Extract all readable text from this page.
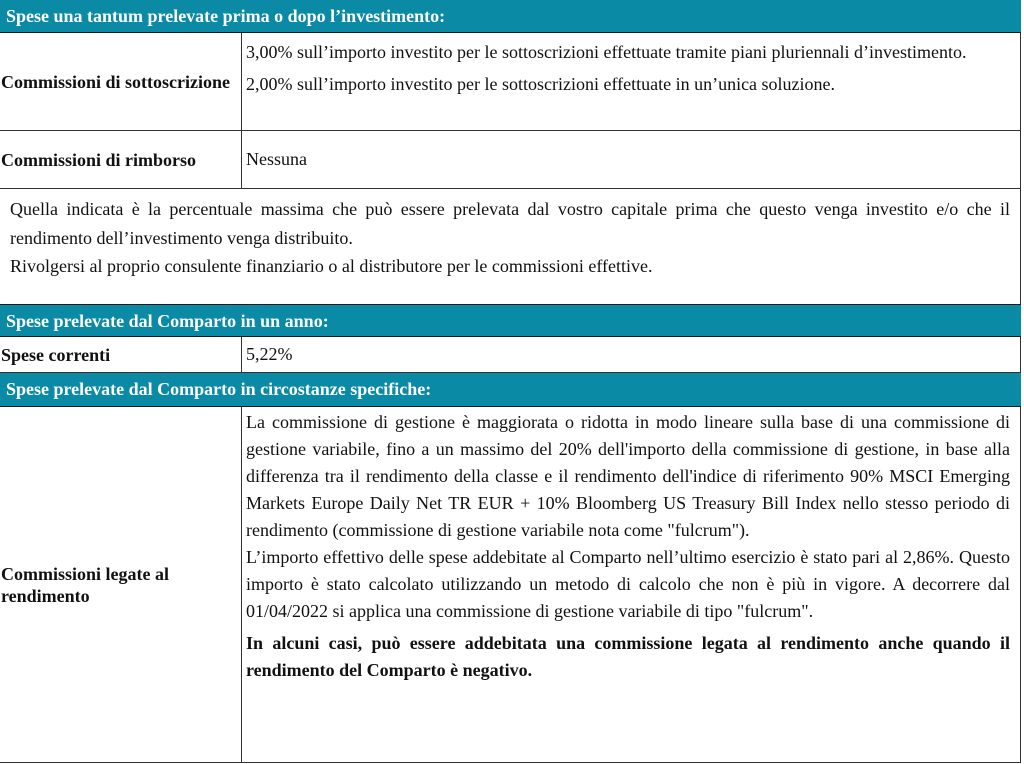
Spese una tantum prelevate prima o dopo l’investimento:
Commissioni di sottoscrizione

3,00% sull’importo investito per le sottoscrizioni effettuate tramite piani pluriennali d’investimento.

2,00% sull’importo investito per le sottoscrizioni effettuate in un’unica soluzione.

Commissioni di rimborso	Nessuna

Quella indicata è la percentuale massima che può essere prelevata dal vostro capitale prima che questo venga investito e/o che il rendimento dell’investimento venga distribuito.

Rivolgersi al proprio consulente finanziario o al distributore per le commissioni effettive.

Spese prelevate dal Comparto in un anno:
Spese correnti	5,22%

Spese prelevate dal Comparto in circostanze specifiche:
Commissioni legate al rendimento

La commissione di gestione è maggiorata o ridotta in modo lineare sulla base di una commissione di gestione variabile, fino a un massimo del 20% dell'importo della commissione di gestione, in base alla differenza tra il rendimento della classe e il rendimento dell'indice di riferimento 90% MSCI Emerging Markets Europe Daily Net TR EUR + 10% Bloomberg US Treasury Bill Index nello stesso periodo di rendimento (commissione di gestione variabile nota come "fulcrum").

L’importo effettivo delle spese addebitate al Comparto nell’ultimo esercizio è stato pari al 2,86%. Questo importo è stato calcolato utilizzando un metodo di calcolo che non è più in vigore. A decorrere dal 01/04/2022 si applica una commissione di gestione variabile di tipo "fulcrum".

In alcuni casi, può essere addebitata una commissione legata al rendimento anche quando il rendimento del Comparto è negativo.
